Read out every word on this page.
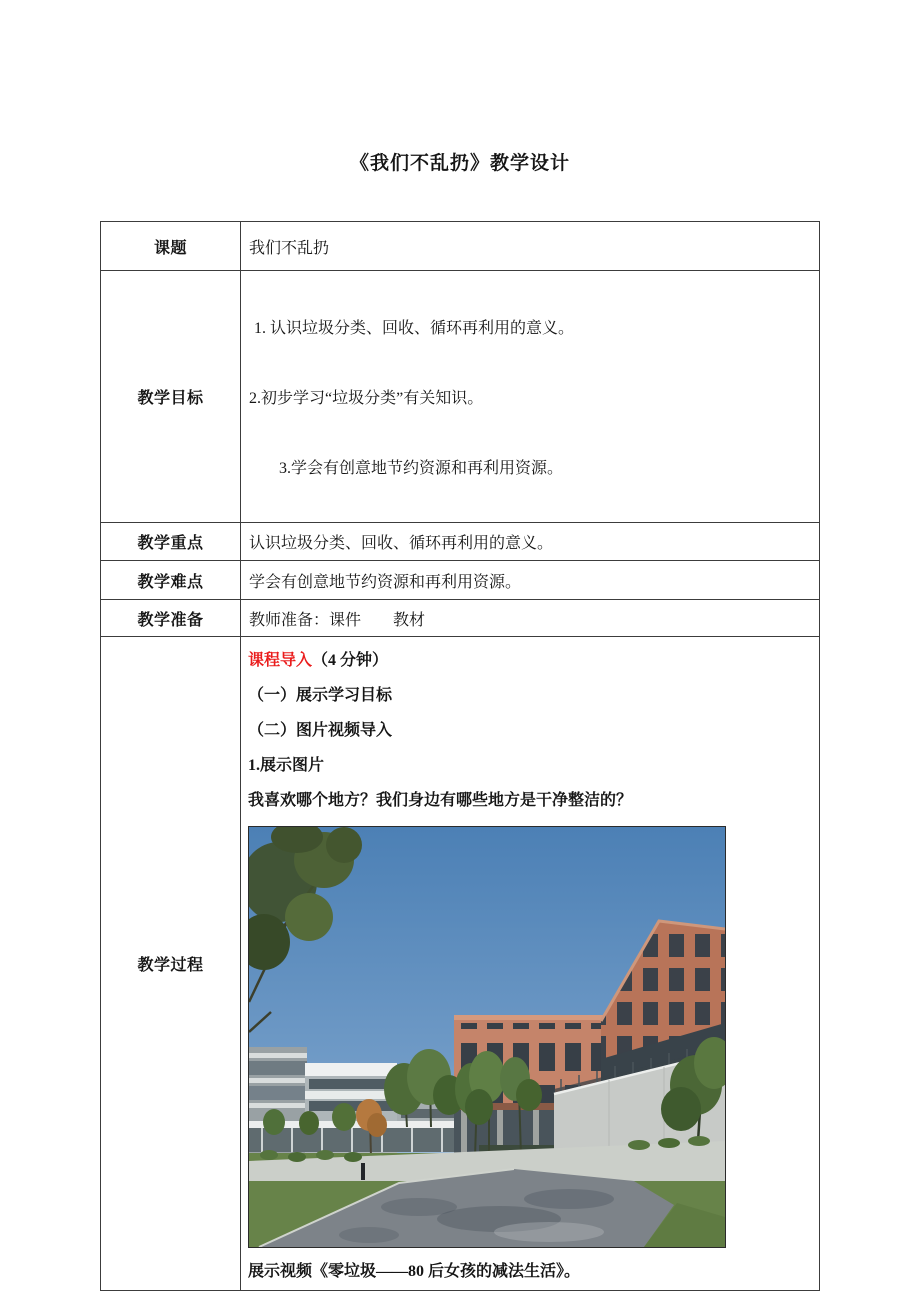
《我们不乱扔》教学设计
课题	我们不乱扔
教学目标	1. 认识垃圾分类、回收、循环再利用的意义。

2.初步学习“垃圾分类”有关知识。

3.学会有创意地节约资源和再利用资源。

教学重点	认识垃圾分类、回收、循环再利用的意义。
教学难点	学会有创意地节约资源和再利用资源。
教学准备	教师准备：课件　　教材
教学过程	
课程导入（4 分钟）
（一）展示学习目标
（二）图片视频导入
1.展示图片
我喜欢哪个地方？我们身边有哪些地方是干净整洁的？
展示视频《零垃圾——80 后女孩的减法生活》。
